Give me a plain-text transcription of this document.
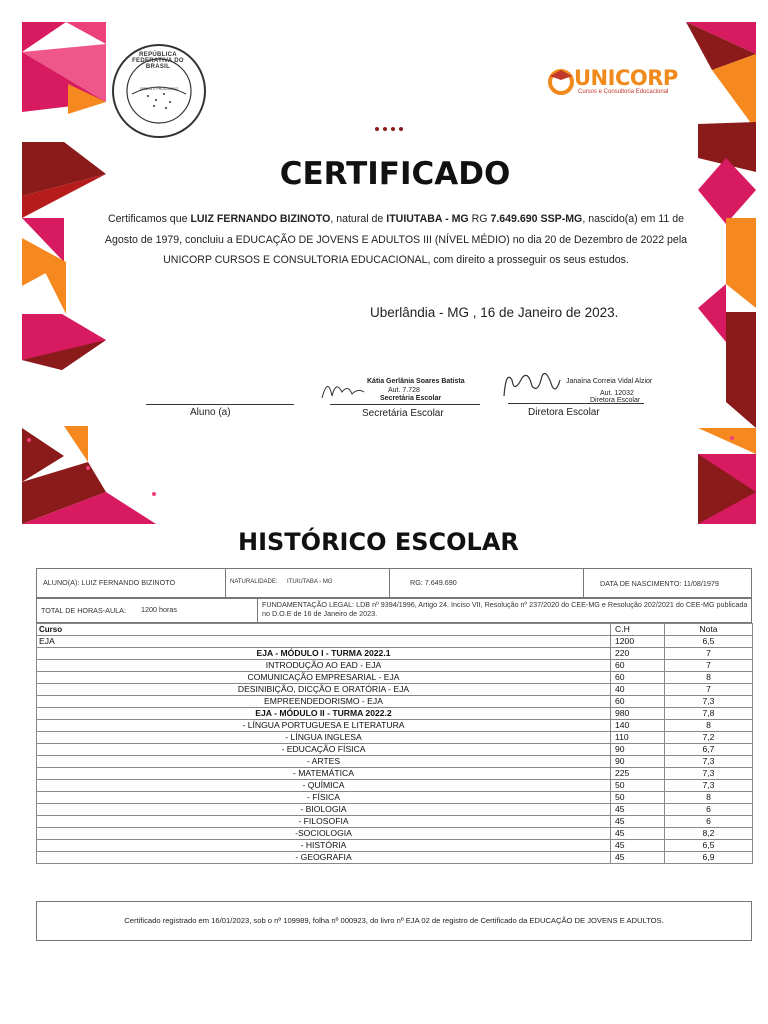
REPÚBLICA FEDERATIVA DO BRASIL
ORDEM E PROGRESSO	UNICORP
Cursos e Consultoria Educacional
CERTIFICADO
Certificamos que LUIZ FERNANDO BIZINOTO, natural de ITUIUTABA - MG RG 7.649.690 SSP-MG, nascido(a) em 11 de Agosto de 1979, concluiu a EDUCAÇÃO DE JOVENS E ADULTOS III (NÍVEL MÉDIO) no dia 20 de Dezembro de 2022 pela UNICORP CURSOS E CONSULTORIA EDUCACIONAL, com direito a prosseguir os seus estudos.
Uberlândia - MG , 16 de Janeiro de 2023.
Aluno (a)
Kátia Gerlânia Soares Batista
Aut. 7.728
Secretária Escolar
Secretária Escolar
Janaína Correia Vidal Alzior
Aut. 12032
Diretora Escolar
Diretora Escolar
HISTÓRICO ESCOLAR
ALUNO(A): LUIZ FERNANDO BIZINOTO	NATURALIDADE: ITUIUTABA - MG	RG: 7.649.690	DATA DE NASCIMENTO: 11/08/1979
TOTAL DE HORAS-AULA: 1200 horas
FUNDAMENTAÇÃO LEGAL: LDB nº 9394/1996, Artigo 24. Inciso VII, Resolução nº 237/2020 do CEE-MG e Resolução 202/2021 do CEE-MG publicada no D.O.E de 16 de Janeiro de 2023.
Curso	C.H	Nota
EJA	1200	6,5
EJA - MÓDULO I - TURMA 2022.1	220	7
INTRODUÇÃO AO EAD - EJA	60	7
COMUNICAÇÃO EMPRESARIAL - EJA	60	8
DESINIBIÇÃO, DICÇÃO E ORATÓRIA - EJA	40	7
EMPREENDEDORISMO - EJA	60	7,3
EJA - MÓDULO II - TURMA 2022.2	980	7,8
- LÍNGUA PORTUGUESA E LITERATURA	140	8
- LÍNGUA INGLESA	110	7,2
- EDUCAÇÃO FÍSICA	90	6,7
- ARTES	90	7,3
- MATEMÁTICA	225	7,3
- QUÍMICA	50	7,3
- FÍSICA	50	8
- BIOLOGIA	45	6
- FILOSOFIA	45	6
-SOCIOLOGIA	45	8,2
- HISTÓRIA	45	6,5
- GEOGRAFIA	45	6,9
Certificado registrado em 16/01/2023, sob o nº 109989, folha nº 000923, do livro nº EJA 02 de registro de Certificado da EDUCAÇÃO DE JOVENS E ADULTOS.
